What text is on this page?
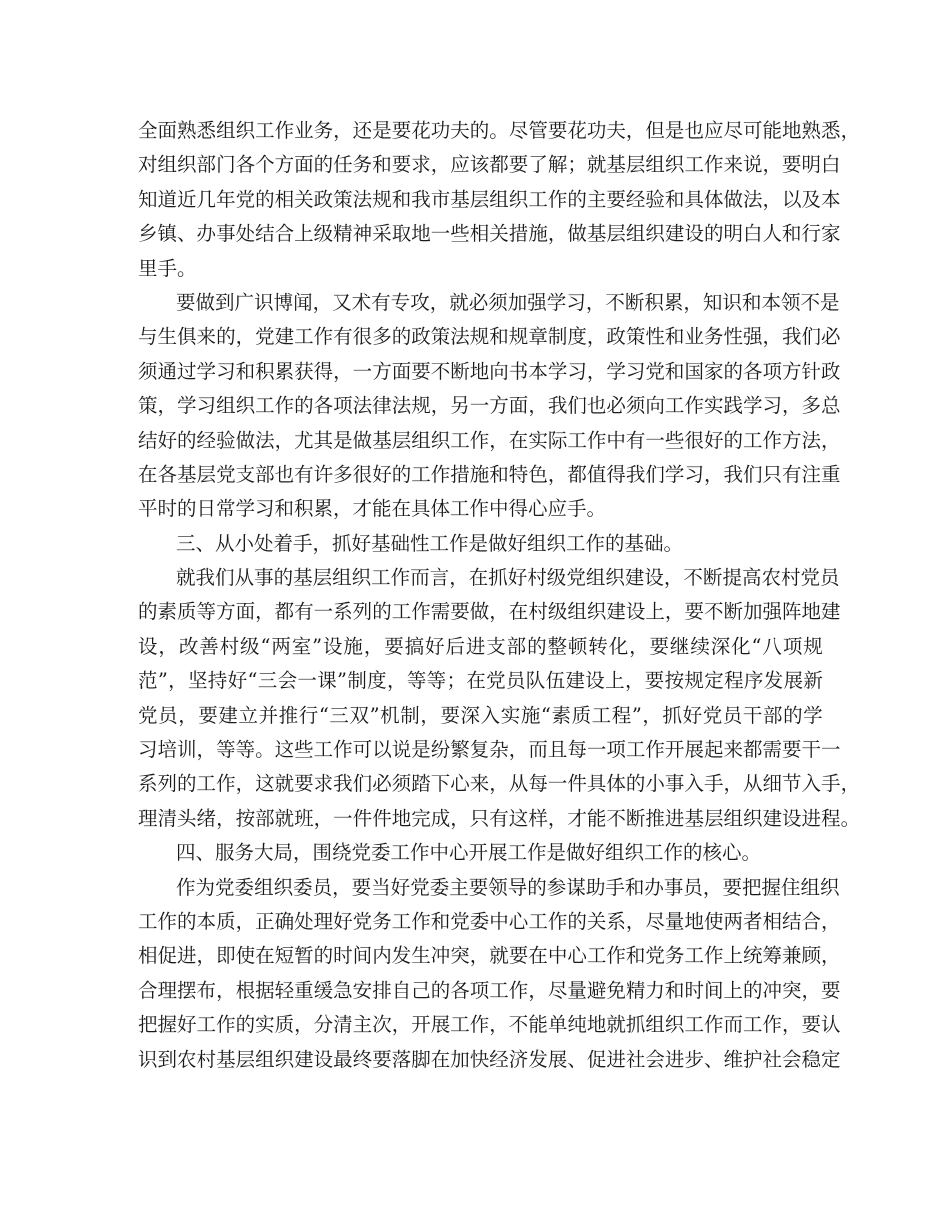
全 面 熟 悉 组 织 工 作 业 务 ， 还 是 要 花 功 夫 的 。 尽 管 要 花 功 夫 ， 但 是 也 应 尽 可 能 地 熟 悉 ，
对 组 织 部 门 各 个 方 面 的 任 务 和 要 求 ， 应 该 都 要 了 解 ； 就 基 层 组 织 工 作 来 说 ， 要 明 白
知 道 近 几 年 党 的 相 关 政 策 法 规 和 我 市 基 层 组 织 工 作 的 主 要 经 验 和 具 体 做 法 ， 以 及 本
乡 镇 、 办 事 处 结 合 上 级 精 神 采 取 地 一 些 相 关 措 施 ， 做 基 层 组 织 建 设 的 明 白 人 和 行 家
里手。
要 做 到 广 识 博 闻 ， 又 术 有 专 攻 ， 就 必 须 加 强 学 习 ， 不 断 积 累 ， 知 识 和 本 领 不 是
与 生 俱 来 的 ， 党 建 工 作 有 很 多 的 政 策 法 规 和 规 章 制 度 ， 政 策 性 和 业 务 性 强 ， 我 们 必
须 通 过 学 习 和 积 累 获 得 ， 一 方 面 要 不 断 地 向 书 本 学 习 ， 学 习 党 和 国 家 的 各 项 方 针 政
策 ， 学 习 组 织 工 作 的 各 项 法 律 法 规 ， 另 一 方 面 ， 我 们 也 必 须 向 工 作 实 践 学 习 ， 多 总
结 好 的 经 验 做 法 ， 尤 其 是 做 基 层 组 织 工 作 ， 在 实 际 工 作 中 有 一 些 很 好 的 工 作 方 法 ，
在 各 基 层 党 支 部 也 有 许 多 很 好 的 工 作 措 施 和 特 色 ， 都 值 得 我 们 学 习 ， 我 们 只 有 注 重
平时的日常学习和积累，才能在具体工作中得心应手。
三、从小处着手，抓好基础性工作是做好组织工作的基础。
就 我 们 从 事 的 基 层 组 织 工 作 而 言 ， 在 抓 好 村 级 党 组 织 建 设 ， 不 断 提 高 农 村 党 员
的 素 质 等 方 面 ， 都 有 一 系 列 的 工 作 需 要 做 ， 在 村 级 组 织 建 设 上 ， 要 不 断 加 强 阵 地 建
设 ， 改 善 村 级 “ 两 室 ” 设 施 ， 要 搞 好 后 进 支 部 的 整 顿 转 化 ， 要 继 续 深 化 “ 八 项 规
范 ” ， 坚 持 好 “ 三 会 一 课 ” 制 度 ， 等 等 ； 在 党 员 队 伍 建 设 上 ， 要 按 规 定 程 序 发 展 新
党 员 ， 要 建 立 并 推 行 “ 三 双 ” 机 制 ， 要 深 入 实 施 “ 素 质 工 程 ” ， 抓 好 党 员 干 部 的 学
习 培 训 ， 等 等 。 这 些 工 作 可 以 说 是 纷 繁 复 杂 ， 而 且 每 一 项 工 作 开 展 起 来 都 需 要 干 一
系 列 的 工 作 ， 这 就 要 求 我 们 必 须 踏 下 心 来 ， 从 每 一 件 具 体 的 小 事 入 手 ， 从 细 节 入 手 ，
理 清 头 绪 ， 按 部 就 班 ， 一 件 件 地 完 成 ， 只 有 这 样 ， 才 能 不 断 推 进 基 层 组 织 建 设 进 程 。
四、服务大局，围绕党委工作中心开展工作是做好组织工作的核心。
作 为 党 委 组 织 委 员 ， 要 当 好 党 委 主 要 领 导 的 参 谋 助 手 和 办 事 员 ， 要 把 握 住 组 织
工 作 的 本 质 ， 正 确 处 理 好 党 务 工 作 和 党 委 中 心 工 作 的 关 系 ， 尽 量 地 使 两 者 相 结 合 ，
相 促 进 ， 即 使 在 短 暂 的 时 间 内 发 生 冲 突 ， 就 要 在 中 心 工 作 和 党 务 工 作 上 统 筹 兼 顾 ，
合 理 摆 布 ， 根 据 轻 重 缓 急 安 排 自 己 的 各 项 工 作 ， 尽 量 避 免 精 力 和 时 间 上 的 冲 突 ， 要
把 握 好 工 作 的 实 质 ， 分 清 主 次 ， 开 展 工 作 ， 不 能 单 纯 地 就 抓 组 织 工 作 而 工 作 ， 要 认
识 到 农 村 基 层 组 织 建 设 最 终 要 落 脚 在 加 快 经 济 发 展 、 促 进 社 会 进 步 、 维 护 社 会 稳 定
